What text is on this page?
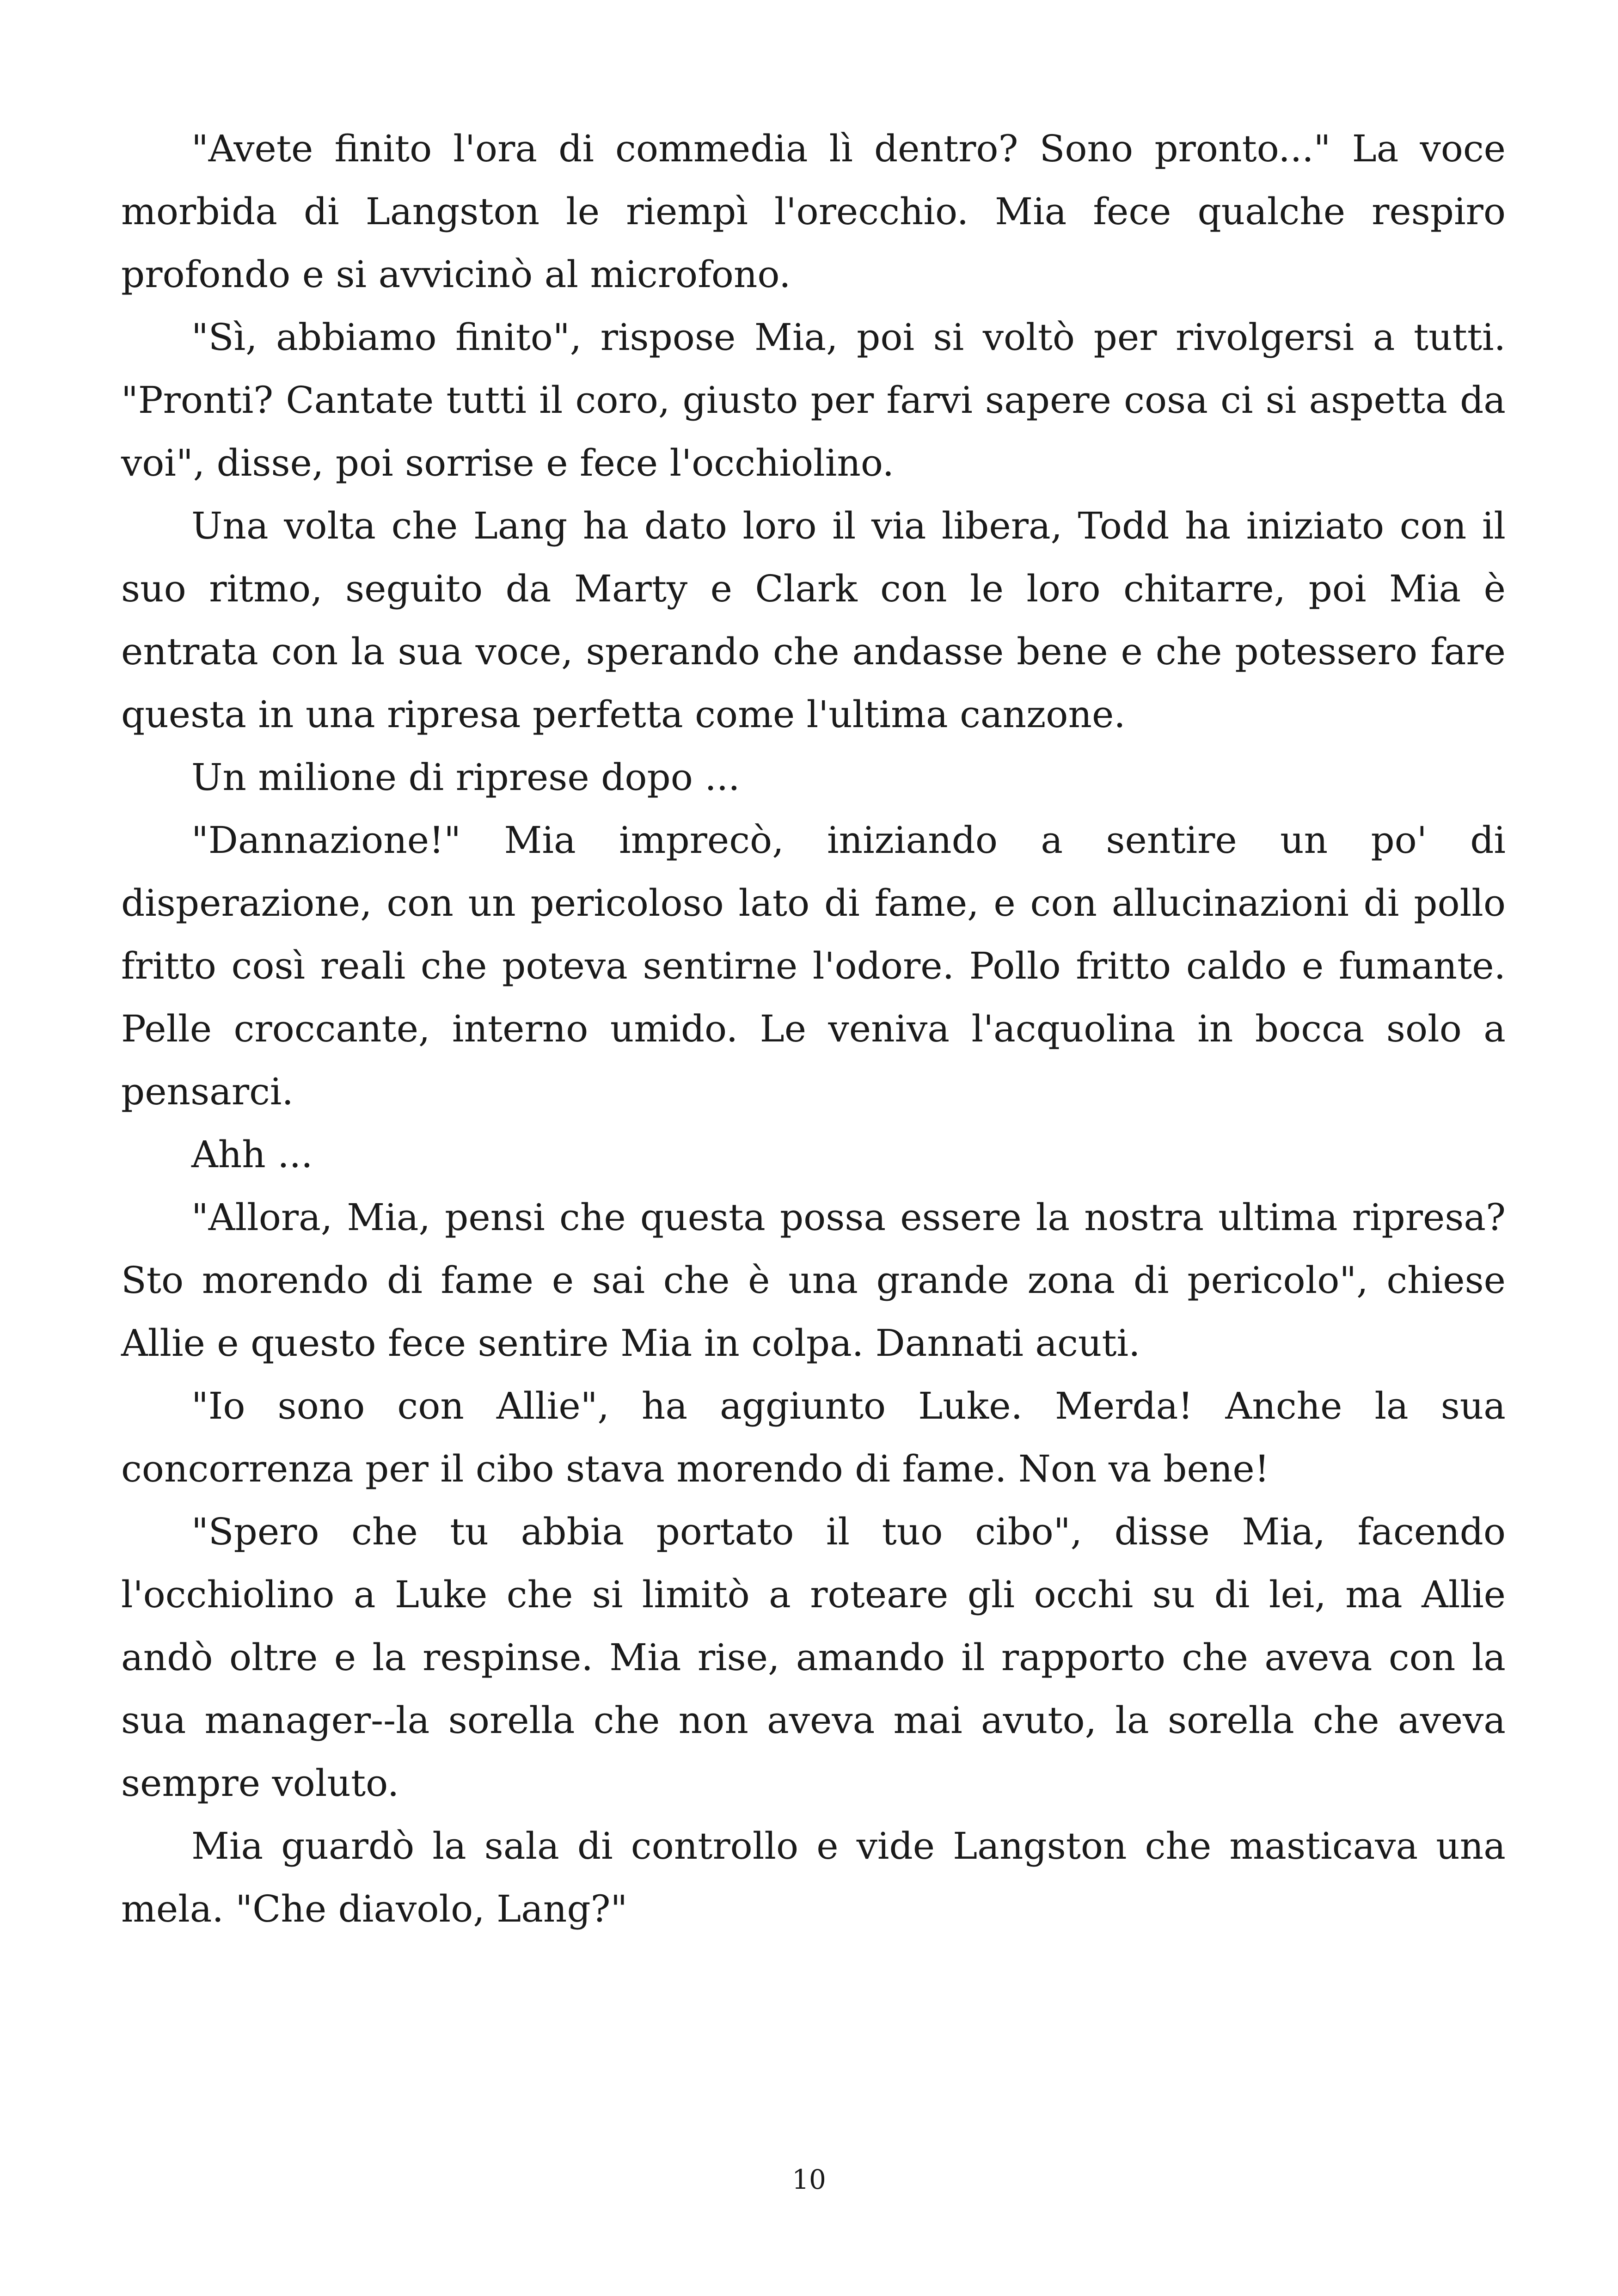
"Avete finito l'ora di commedia lì dentro? Sono pronto..." La voce morbida di Langston le riempì l'orecchio. Mia fece qualche respiro profondo e si avvicinò al microfono.

"Sì, abbiamo finito", rispose Mia, poi si voltò per rivolgersi a tutti. "Pronti? Cantate tutti il coro, giusto per farvi sapere cosa ci si aspetta da voi", disse, poi sorrise e fece l'occhiolino.

Una volta che Lang ha dato loro il via libera, Todd ha iniziato con il suo ritmo, seguito da Marty e Clark con le loro chitarre, poi Mia è entrata con la sua voce, sperando che andasse bene e che potessero fare questa in una ripresa perfetta come l'ultima canzone.

Un milione di riprese dopo ...

"Dannazione!" Mia imprecò, iniziando a sentire un po' di disperazione, con un pericoloso lato di fame, e con allucinazioni di pollo fritto così reali che poteva sentirne l'odore. Pollo fritto caldo e fumante. Pelle croccante, interno umido. Le veniva l'acquolina in bocca solo a pensarci.

Ahh ...

"Allora, Mia, pensi che questa possa essere la nostra ultima ripresa? Sto morendo di fame e sai che è una grande zona di pericolo", chiese Allie e questo fece sentire Mia in colpa. Dannati acuti.

"Io sono con Allie", ha aggiunto Luke. Merda! Anche la sua concorrenza per il cibo stava morendo di fame. Non va bene!

"Spero che tu abbia portato il tuo cibo", disse Mia, facendo l'occhiolino a Luke che si limitò a roteare gli occhi su di lei, ma Allie andò oltre e la respinse. Mia rise, amando il rapporto che aveva con la sua manager--la sorella che non aveva mai avuto, la sorella che aveva sempre voluto.

Mia guardò la sala di controllo e vide Langston che masticava una mela. "Che diavolo, Lang?"

10
